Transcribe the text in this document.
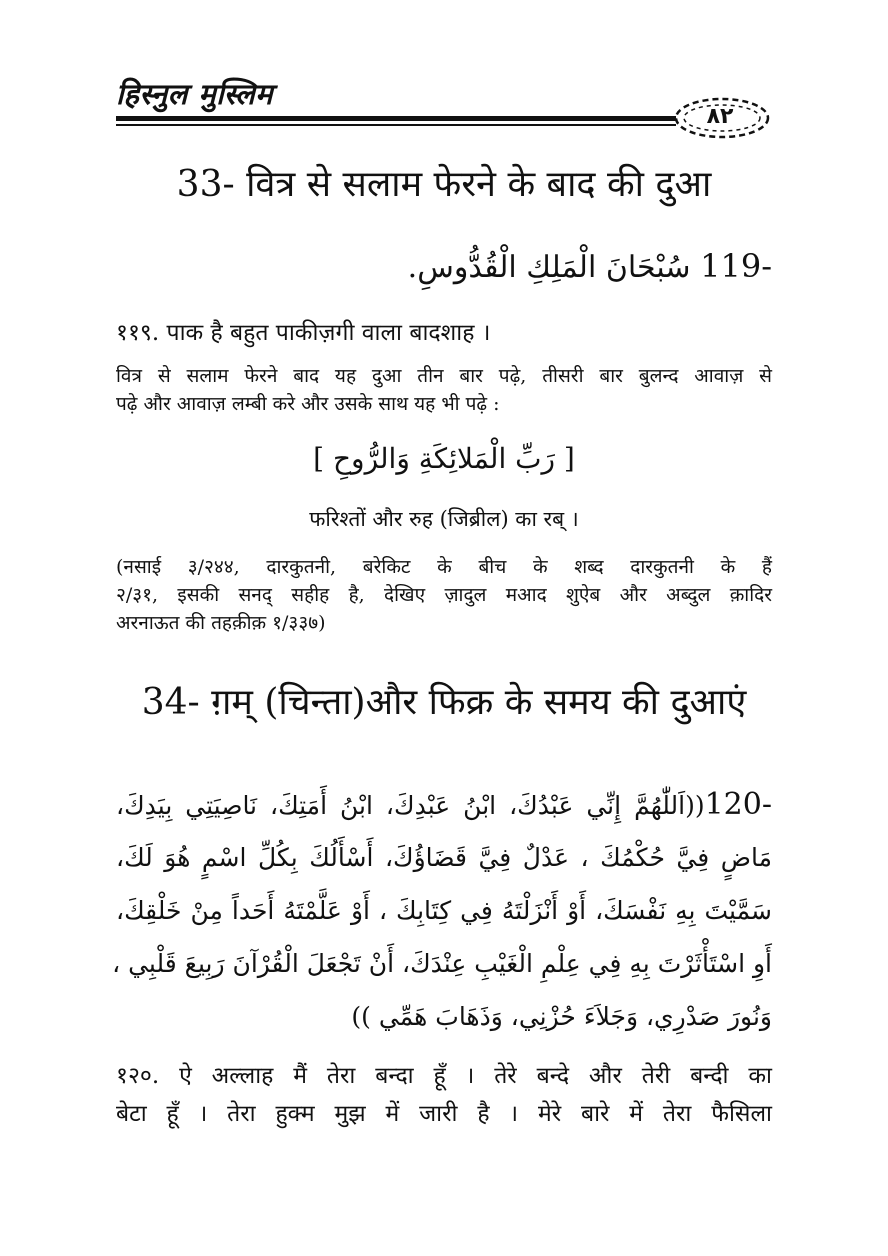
हिस्नुल मुस्लिम
٨٢
33- वित्र से सलाम फेरने के बाद की दुआ
119- سُبْحَانَ الْمَلِكِ الْقُدُّوسِ.
११९. पाक है बहुत पाकीज़गी वाला बादशाह ।
वित्र से सलाम फेरने बाद यह दुआ तीन बार पढ़े, तीसरी बार बुलन्द आवाज़ से
पढ़े और आवाज़ लम्बी करे और उसके साथ यह भी पढ़े :
[ رَبِّ الْمَلائِكَةِ وَالرُّوحِ ]
फरिश्तों और रुह (जिब्रील) का रब् ।
(नसाई ३/२४४, दारकुतनी, बरेकिट के बीच के शब्द दारकुतनी के हैं
२/३१, इसकी सनद् सहीह है, देखिए ज़ादुल मआद शुऐब और अब्दुल क़ादिर
अरनाऊत की तहक़ीक़ १/३३७)
34- ग़म् (चिन्ता)और फिक्र के समय की दुआएं
120-((اَللّٰهُمَّ إِنِّي عَبْدُكَ، ابْنُ عَبْدِكَ، ابْنُ أَمَتِكَ، نَاصِيَتِي بِيَدِكَ،
مَاضٍ فِيَّ حُكْمُكَ ، عَدْلٌ فِيَّ قَضَاؤُكَ، أَسْأَلُكَ بِكُلِّ اسْمٍ هُوَ لَكَ،
سَمَّيْتَ بِهِ نَفْسَكَ، أَوْ أَنْزَلْتَهُ فِي كِتَابِكَ ، أَوْ عَلَّمْتَهُ أَحَداً مِنْ خَلْقِكَ،
أَوِ اسْتَأْثَرْتَ بِهِ فِي عِلْمِ الْغَيْبِ عِنْدَكَ، أَنْ تَجْعَلَ الْقُرْآنَ رَبِيعَ قَلْبِي ،
وَنُورَ صَدْرِي، وَجَلاَءَ حُزْنِي، وَذَهَابَ هَمِّي ))
१२०. ऐ अल्लाह मैं तेरा बन्दा हूँ । तेरे बन्दे और तेरी बन्दी का
बेटा हूँ । तेरा हुक्म मुझ में जारी है । मेरे बारे में तेरा फैसिला
